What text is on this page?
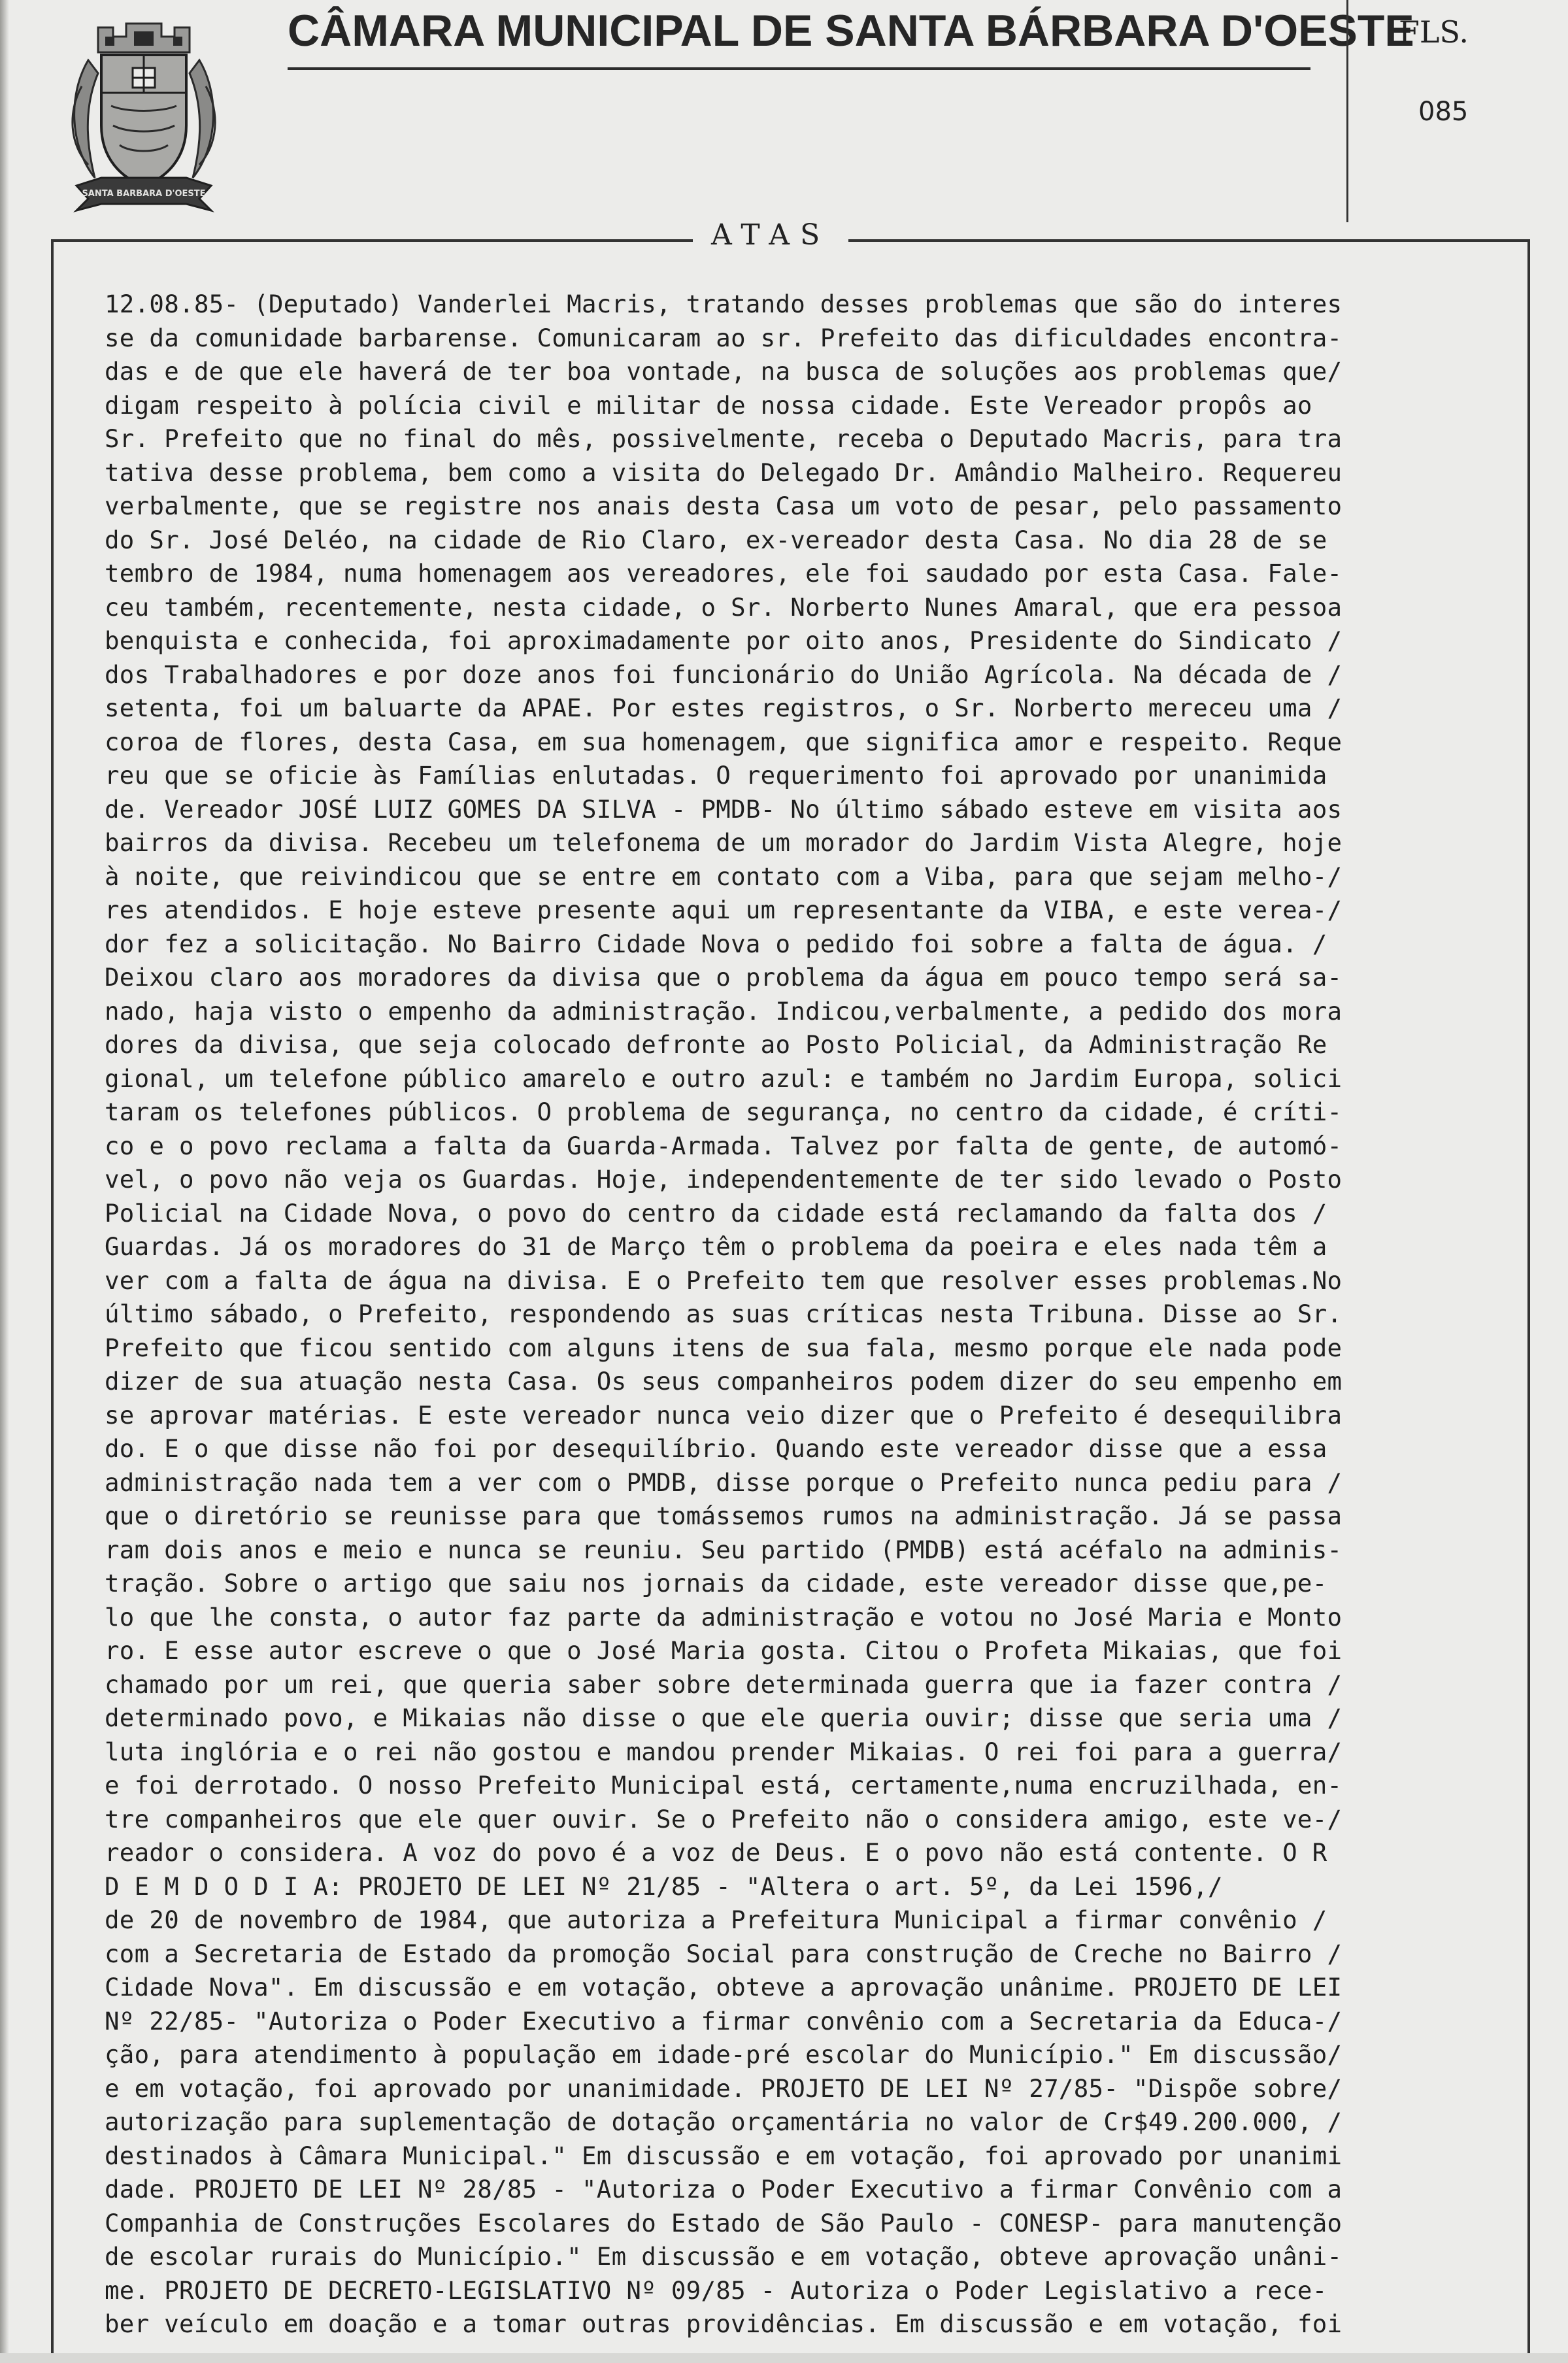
SANTA BARBARA D'OESTE
CÂMARA MUNICIPAL DE SANTA BÁRBARA D'OESTE
FLS.
085
ATAS
12.08.85- (Deputado) Vanderlei Macris, tratando desses problemas que são do interes
se da comunidade barbarense. Comunicaram ao sr. Prefeito das dificuldades encontra-
das e de que ele haverá de ter boa vontade, na busca de soluções aos problemas que/
digam respeito à polícia civil e militar de nossa cidade. Este Vereador propôs ao
Sr. Prefeito que no final do mês, possivelmente, receba o Deputado Macris, para tra
tativa desse problema, bem como a visita do Delegado Dr. Amândio Malheiro. Requereu
verbalmente, que se registre nos anais desta Casa um voto de pesar, pelo passamento
do Sr. José Deléo, na cidade de Rio Claro, ex-vereador desta Casa. No dia 28 de se
tembro de 1984, numa homenagem aos vereadores, ele foi saudado por esta Casa. Fale-
ceu também, recentemente, nesta cidade, o Sr. Norberto Nunes Amaral, que era pessoa
benquista e conhecida, foi aproximadamente por oito anos, Presidente do Sindicato /
dos Trabalhadores e por doze anos foi funcionário do União Agrícola. Na década de /
setenta, foi um baluarte da APAE. Por estes registros, o Sr. Norberto mereceu uma /
coroa de flores, desta Casa, em sua homenagem, que significa amor e respeito. Reque
reu que se oficie às Famílias enlutadas. O requerimento foi aprovado por unanimida
de. Vereador JOSÉ LUIZ GOMES DA SILVA - PMDB- No último sábado esteve em visita aos
bairros da divisa. Recebeu um telefonema de um morador do Jardim Vista Alegre, hoje
à noite, que reivindicou que se entre em contato com a Viba, para que sejam melho-/
res atendidos. E hoje esteve presente aqui um representante da VIBA, e este verea-/
dor fez a solicitação. No Bairro Cidade Nova o pedido foi sobre a falta de água. /
Deixou claro aos moradores da divisa que o problema da água em pouco tempo será sa-
nado, haja visto o empenho da administração. Indicou,verbalmente, a pedido dos mora
dores da divisa, que seja colocado defronte ao Posto Policial, da Administração Re
gional, um telefone público amarelo e outro azul: e também no Jardim Europa, solici
taram os telefones públicos. O problema de segurança, no centro da cidade, é críti-
co e o povo reclama a falta da Guarda-Armada. Talvez por falta de gente, de automó-
vel, o povo não veja os Guardas. Hoje, independentemente de ter sido levado o Posto
Policial na Cidade Nova, o povo do centro da cidade está reclamando da falta dos /
Guardas. Já os moradores do 31 de Março têm o problema da poeira e eles nada têm a
ver com a falta de água na divisa. E o Prefeito tem que resolver esses problemas.No
último sábado, o Prefeito, respondendo as suas críticas nesta Tribuna. Disse ao Sr.
Prefeito que ficou sentido com alguns itens de sua fala, mesmo porque ele nada pode
dizer de sua atuação nesta Casa. Os seus companheiros podem dizer do seu empenho em
se aprovar matérias. E este vereador nunca veio dizer que o Prefeito é desequilibra
do. E o que disse não foi por desequilíbrio. Quando este vereador disse que a essa
administração nada tem a ver com o PMDB, disse porque o Prefeito nunca pediu para /
que o diretório se reunisse para que tomássemos rumos na administração. Já se passa
ram dois anos e meio e nunca se reuniu. Seu partido (PMDB) está acéfalo na adminis-
tração. Sobre o artigo que saiu nos jornais da cidade, este vereador disse que,pe-
lo que lhe consta, o autor faz parte da administração e votou no José Maria e Monto
ro. E esse autor escreve o que o José Maria gosta. Citou o Profeta Mikaias, que foi
chamado por um rei, que queria saber sobre determinada guerra que ia fazer contra /
determinado povo, e Mikaias não disse o que ele queria ouvir; disse que seria uma /
luta inglória e o rei não gostou e mandou prender Mikaias. O rei foi para a guerra/
e foi derrotado. O nosso Prefeito Municipal está, certamente,numa encruzilhada, en-
tre companheiros que ele quer ouvir. Se o Prefeito não o considera amigo, este ve-/
reador o considera. A voz do povo é a voz de Deus. E o povo não está contente. O R
D E M D O D I A: PROJETO DE LEI Nº 21/85 - "Altera o art. 5º, da Lei 1596,/
de 20 de novembro de 1984, que autoriza a Prefeitura Municipal a firmar convênio /
com a Secretaria de Estado da promoção Social para construção de Creche no Bairro /
Cidade Nova". Em discussão e em votação, obteve a aprovação unânime. PROJETO DE LEI
Nº 22/85- "Autoriza o Poder Executivo a firmar convênio com a Secretaria da Educa-/
ção, para atendimento à população em idade-pré escolar do Município." Em discussão/
e em votação, foi aprovado por unanimidade. PROJETO DE LEI Nº 27/85- "Dispõe sobre/
autorização para suplementação de dotação orçamentária no valor de Cr$49.200.000, /
destinados à Câmara Municipal." Em discussão e em votação, foi aprovado por unanimi
dade. PROJETO DE LEI Nº 28/85 - "Autoriza o Poder Executivo a firmar Convênio com a
Companhia de Construções Escolares do Estado de São Paulo - CONESP- para manutenção
de escolar rurais do Município." Em discussão e em votação, obteve aprovação unâni-
me. PROJETO DE DECRETO-LEGISLATIVO Nº 09/85 - Autoriza o Poder Legislativo a rece-
ber veículo em doação e a tomar outras providências. Em discussão e em votação, foi
